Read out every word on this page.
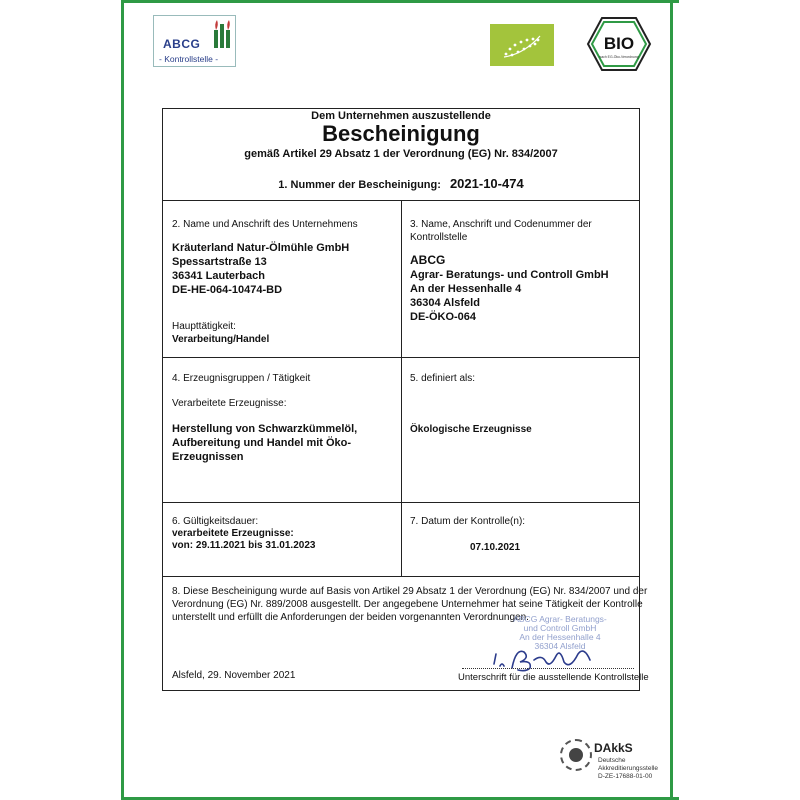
ABCG
- Kontrollstelle -
BIO
nach EG-Öko-Verordnung
Dem Unternehmen auszustellende
Bescheinigung
gemäß Artikel 29 Absatz 1 der Verordnung (EG) Nr. 834/2007
1. Nummer der Bescheinigung: 2021-10-474
2. Name und Anschrift des Unternehmens
Kräuterland Natur-Ölmühle GmbH
Spessartstraße 13
36341 Lauterbach
DE-HE-064-10474-BD
Haupttätigkeit:
Verarbeitung/Handel
3. Name, Anschrift und Codenummer der
Kontrollstelle
ABCG
Agrar- Beratungs- und Controll GmbH
An der Hessenhalle 4
36304 Alsfeld
DE-ÖKO-064
4. Erzeugnisgruppen / Tätigkeit
Verarbeitete Erzeugnisse:
Herstellung von Schwarzkümmelöl,
Aufbereitung und Handel mit Öko-
Erzeugnissen
5. definiert als:
Ökologische Erzeugnisse
6. Gültigkeitsdauer:
verarbeitete Erzeugnisse:
von: 29.11.2021 bis 31.01.2023
7. Datum der Kontrolle(n):
07.10.2021
8. Diese Bescheinigung wurde auf Basis von Artikel 29 Absatz 1 der Verordnung (EG) Nr. 834/2007 und der
Verordnung (EG) Nr. 889/2008 ausgestellt. Der angegebene Unternehmer hat seine Tätigkeit der Kontrolle
unterstellt und erfüllt die Anforderungen der beiden vorgenannten Verordnungen.
ABCG Agrar- Beratungs-
und Controll GmbH
An der Hessenhalle 4
36304 Alsfeld
Alsfeld, 29. November 2021	Unterschrift für die ausstellende Kontrollstelle
DAkkS
Deutsche
Akkreditierungsstelle
D-ZE-17688-01-00
